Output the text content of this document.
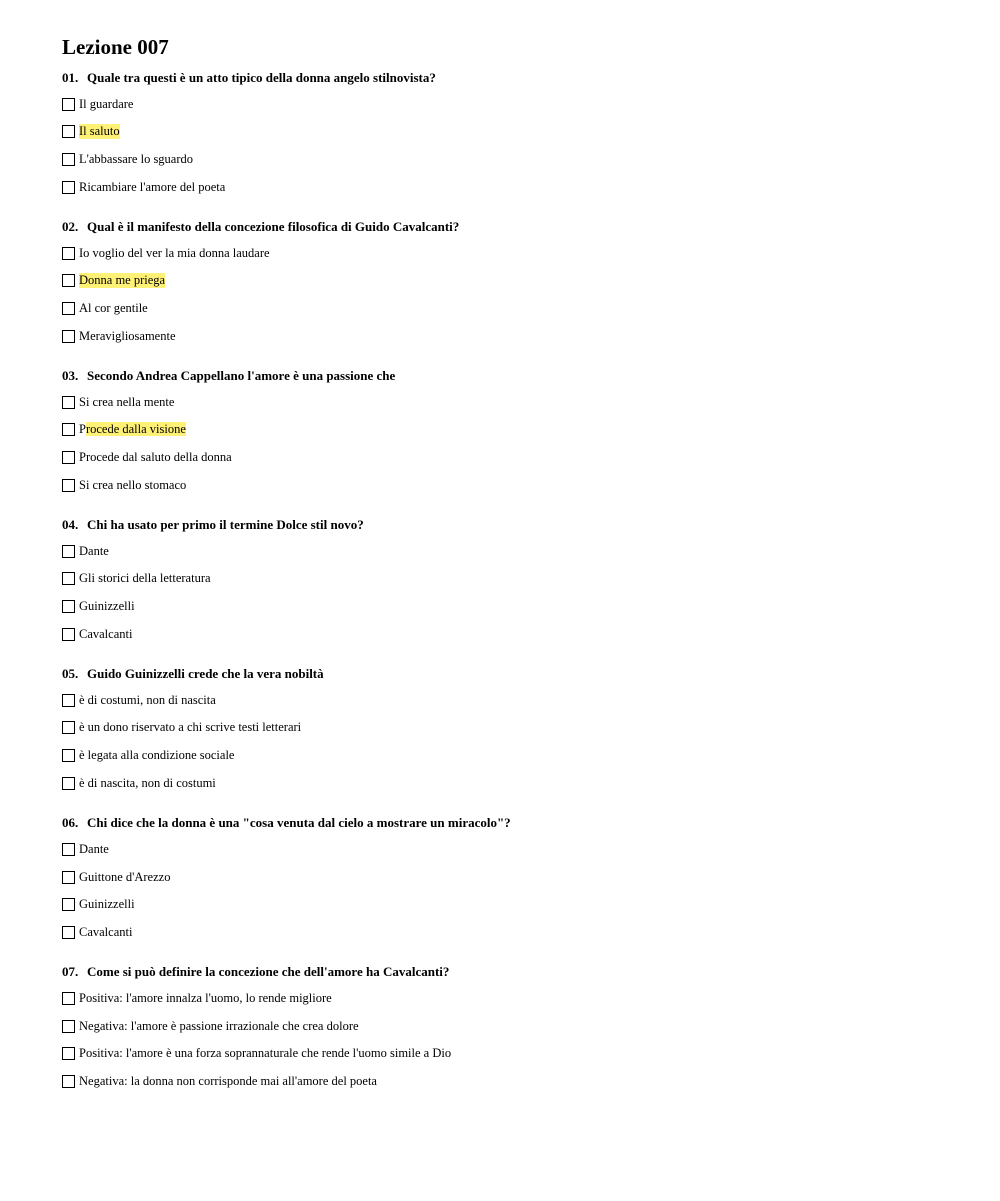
Lezione 007
01. Quale tra questi è un atto tipico della donna angelo stilnovista?
Il guardare
Il saluto
L'abbassare lo sguardo
Ricambiare l'amore del poeta
02. Qual è il manifesto della concezione filosofica di Guido Cavalcanti?
Io voglio del ver la mia donna laudare
Donna me priega
Al cor gentile
Meravigliosamente
03. Secondo Andrea Cappellano l'amore è una passione che
Si crea nella mente
Procede dalla visione
Procede dal saluto della donna
Si crea nello stomaco
04. Chi ha usato per primo il termine Dolce stil novo?
Dante
Gli storici della letteratura
Guinizzelli
Cavalcanti
05. Guido Guinizzelli crede che la vera nobiltà
è di costumi, non di nascita
è un dono riservato a chi scrive testi letterari
è legata alla condizione sociale
è di nascita, non di costumi
06. Chi dice che la donna è una "cosa venuta dal cielo a mostrare un miracolo"?
Dante
Guittone d'Arezzo
Guinizzelli
Cavalcanti
07. Come si può definire la concezione che dell'amore ha Cavalcanti?
Positiva: l'amore innalza l'uomo, lo rende migliore
Negativa: l'amore è passione irrazionale che crea dolore
Positiva: l'amore è una forza soprannaturale che rende l'uomo simile a Dio
Negativa: la donna non corrisponde mai all'amore del poeta
